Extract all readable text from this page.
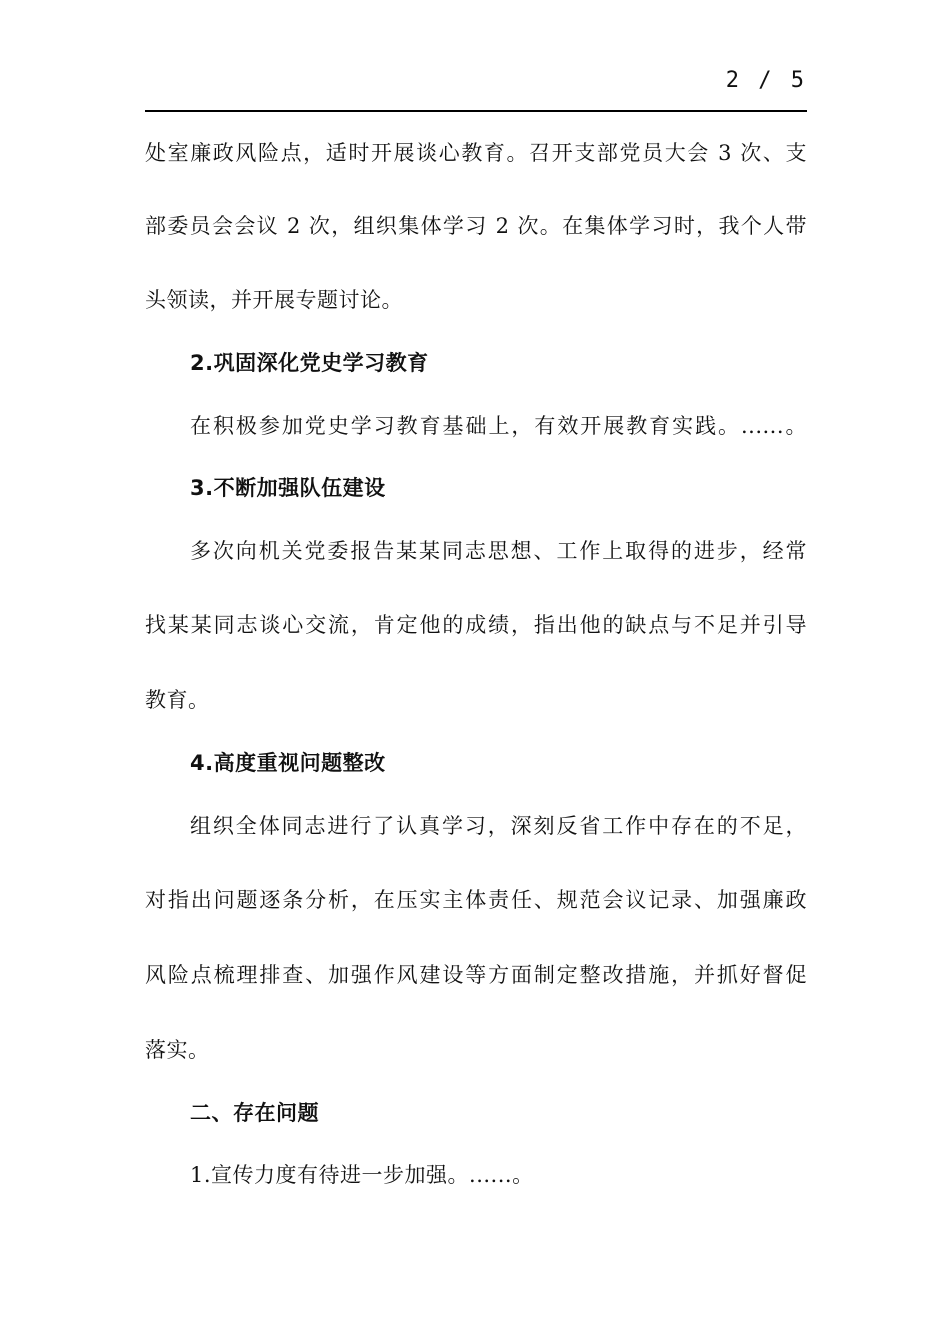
2 / 5
处室廉政风险点，适时开展谈心教育。召开支部党员大会 3 次、支
部委员会会议 2 次，组织集体学习 2 次。在集体学习时，我个人带
头领读，并开展专题讨论。
2.巩固深化党史学习教育
在积极参加党史学习教育基础上，有效开展教育实践。......。
3.不断加强队伍建设
多次向机关党委报告某某同志思想、工作上取得的进步，经常
找某某同志谈心交流，肯定他的成绩，指出他的缺点与不足并引导
教育。
4.高度重视问题整改
组织全体同志进行了认真学习，深刻反省工作中存在的不足，
对指出问题逐条分析，在压实主体责任、规范会议记录、加强廉政
风险点梳理排查、加强作风建设等方面制定整改措施，并抓好督促
落实。
二、存在问题
1.宣传力度有待进一步加强。......。
